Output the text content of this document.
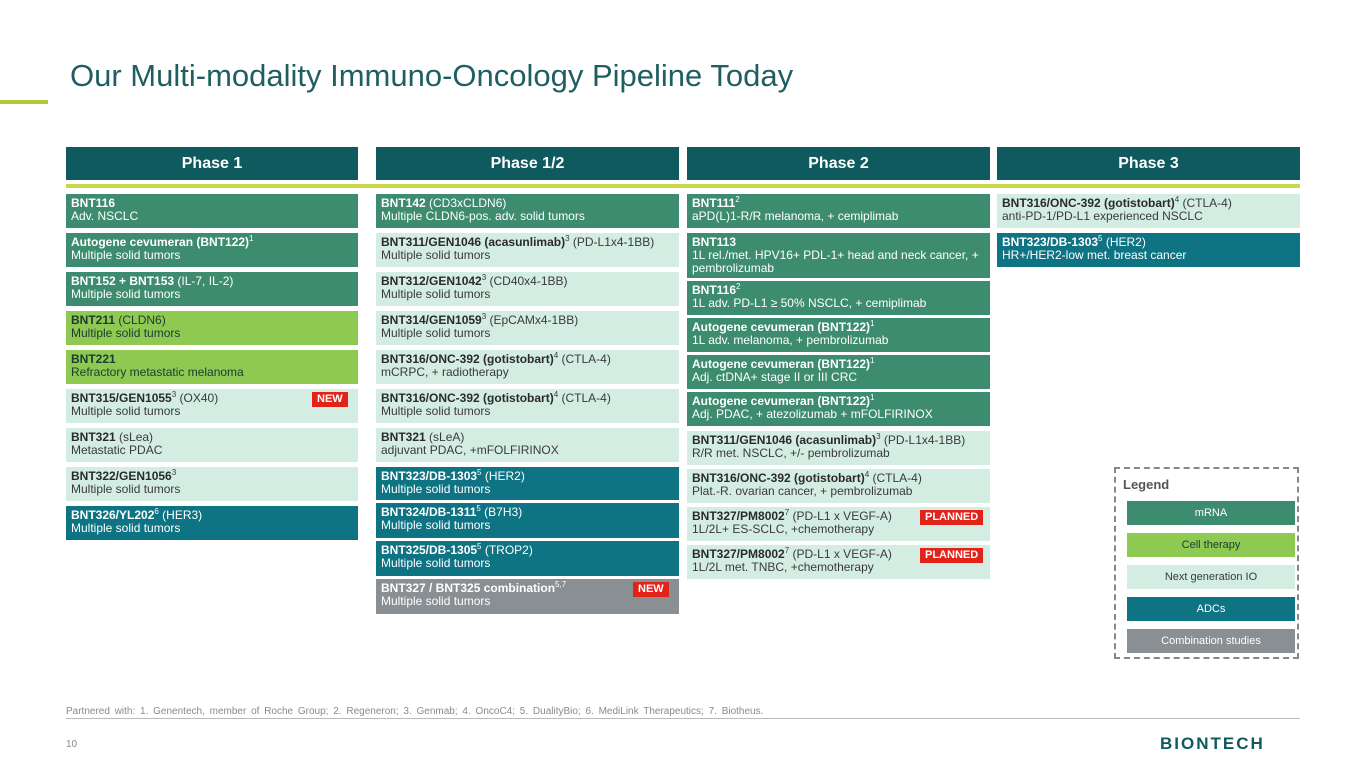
Our Multi-modality Immuno-Oncology Pipeline Today
Phase 1	Phase 1/2	Phase 2	Phase 3
BNT116
Adv. NSCLC
Autogene cevumeran $(BNT122)^1$
Multiple solid tumors
BNT152 + BNT153 (IL-7, IL-2)
Multiple solid tumors
BNT211 (CLDN6)
Multiple solid tumors
BNT221
Refractory metastatic melanoma
BNT315/GEN1055$^3$ (OX40)
Multiple solid tumors
NEW
BNT321 (sLea)
Metastatic PDAC
BNT322/GEN1056$^3$
Multiple solid tumors
$BNT326/YL202^6$ (HER3)
Multiple solid tumors
BNT142 (CD3xCLDN6)
Multiple CLDN6-pos. adv. solid tumors
BNT311/GEN1046 (acasunlimab)$^3$ (PD-L1x4-1BB)
Multiple solid tumors
BNT312/GEN1042$^3$ (CD40x4-1BB)
Multiple solid tumors
BNT314/GEN1059$^3$ (EpCAMx4-1BB)
Multiple solid tumors
BNT316/ONC-392 (gotistobart)$^4$ (CTLA-4)
mCRPC, + radiotherapy
BNT316/ONC-392 (gotistobart)$^4$ (CTLA-4)
Multiple solid tumors
BNT321 (sLeA)
adjuvant PDAC, +mFOLFIRINOX
BNT323/DB-1303$^5$ (HER2)
Multiple solid tumors
BNT324/DB-1311$^5$ (B7H3)
Multiple solid tumors
BNT325/DB-1305$^5$ (TROP2)
Multiple solid tumors
BNT327 / BNT325 combination$^{5,7}$
Multiple solid tumors
NEW
$BNT111^2$
aPD(L)1-R/R melanoma, + cemiplimab
BNT113
1L rel./met. HPV16+ PDL-1+ head and neck cancer, + pembrolizumab
$BNT116^2$
1L adv. PD-L1 ≥ 50% NSCLC, + cemiplimab
Autogene cevumeran $(BNT122)^1$
1L adv. melanoma, + pembrolizumab
Autogene cevumeran $(BNT122)^1$
Adj. ctDNA+ stage II or III CRC
Autogene cevumeran $(BNT122)^1$
Adj. PDAC, + atezolizumab + mFOLFIRINOX
BNT311/GEN1046 (acasunlimab)$^3$ (PD-L1x4-1BB)
R/R met. NSCLC, +/- pembrolizumab
BNT316/ONC-392 (gotistobart)$^4$ (CTLA-4)
Plat.-R. ovarian cancer, + pembrolizumab
BNT327/PM8002$^7$ (PD-L1 x VEGF-A)
1L/2L+ ES-SCLC, +chemotherapy
PLANNED
BNT327/PM8002$^7$ (PD-L1 x VEGF-A)
1L/2L met. TNBC, +chemotherapy
PLANNED
BNT316/ONC-392 (gotistobart)$^4$ (CTLA-4)
anti-PD-1/PD-L1 experienced NSCLC
BNT323/DB-1303$^5$ (HER2)
HR+/HER2-low met. breast cancer
Legend
mRNA
Cell therapy
Next generation IO
ADCs
Combination studies
Partnered with: 1. Genentech, member of Roche Group; 2. Regeneron; 3. Genmab; 4. OncoC4; 5. DualityBio; 6. MediLink Therapeutics; 7. Biotheus.
10	BIONTECH
